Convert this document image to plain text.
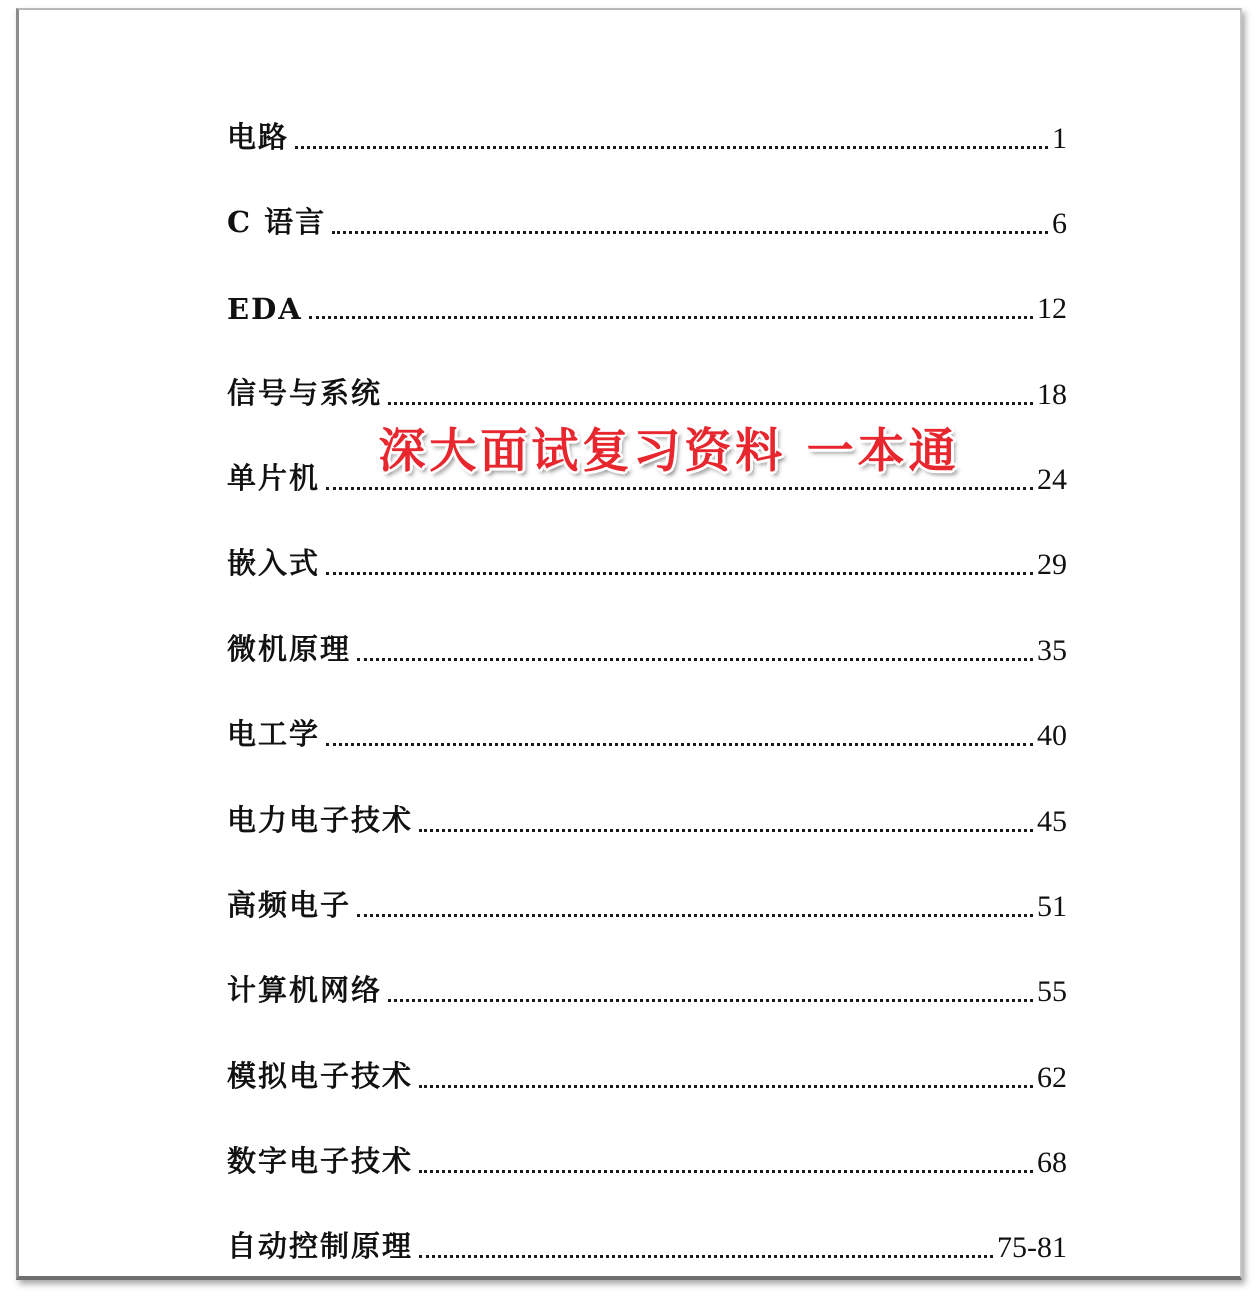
电路	1
C 语言	6
EDA	12
信号与系统	18
单片机	24
嵌入式	29
微机原理	35
电工学	40
电力电子技术	45
高频电子	51
计算机网络	55
模拟电子技术	62
数字电子技术	68
自动控制原理	75-81
深大面试复习资料 一本通
